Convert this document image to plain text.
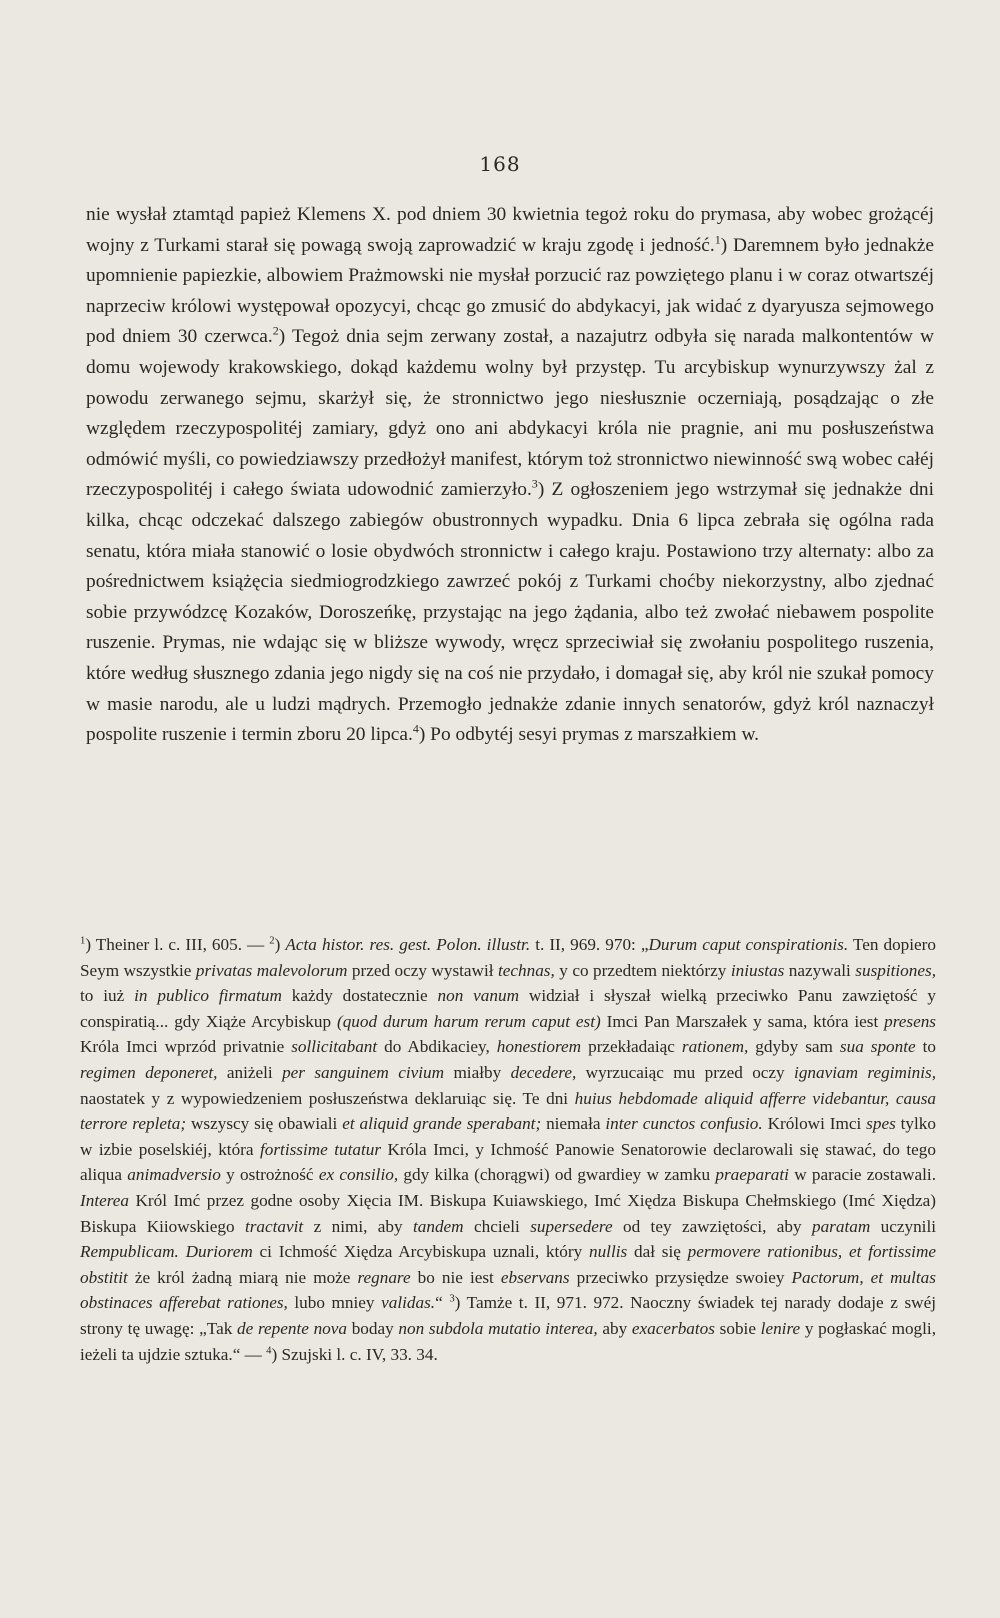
168

nie wysłał ztamtąd papież Klemens X. pod dniem 30 kwietnia tegoż roku do prymasa, aby wobec grożącéj wojny z Turkami starał się powagą swoją zaprowadzić w kraju zgodę i jedność.$^1$) Daremnem było jednakże upomnienie papiezkie, albowiem Prażmowski nie mysłał porzucić raz powziętego planu i w coraz otwartszéj naprzeciw królowi występował opozycyi, chcąc go zmusić do abdykacyi, jak widać z dyaryusza sejmowego pod dniem 30 czerwca.$^2$) Tegoż dnia sejm zerwany został, a nazajutrz odbyła się narada malkontentów w domu wojewody krakowskiego, dokąd każdemu wolny był przystęp. Tu arcybiskup wynurzywszy żal z powodu zerwanego sejmu, skarżył się, że stronnictwo jego niesłusznie oczerniają, posądzając o złe względem rzeczypospolitéj zamiary, gdyż ono ani abdykacyi króla nie pragnie, ani mu posłuszeństwa odmówić myśli, co powiedziawszy przedłożył manifest, którym toż stronnictwo niewinność swą wobec całéj rzeczypospolitéj i całego świata udowodnić zamierzyło.$^3$) Z ogłoszeniem jego wstrzymał się jednakże dni kilka, chcąc odczekać dalszego zabiegów obustronnych wypadku. Dnia 6 lipca zebrała się ogólna rada senatu, która miała stanowić o losie obydwóch stronnictw i całego kraju. Postawiono trzy alternaty: albo za pośrednictwem książęcia siedmiogrodzkiego zawrzeć pokój z Turkami choćby niekorzystny, albo zjednać sobie przywódzcę Kozaków, Doroszeńkę, przystając na jego żądania, albo też zwołać niebawem pospolite ruszenie. Prymas, nie wdając się w bliższe wywody, wręcz sprzeciwiał się zwołaniu pospolitego ruszenia, które według słusznego zdania jego nigdy się na coś nie przydało, i domagał się, aby król nie szukał pomocy w masie narodu, ale u ludzi mądrych. Przemogło jednakże zdanie innych senatorów, gdyż król naznaczył pospolite ruszenie i termin zboru 20 lipca.$^4$) Po odbytéj sesyi prymas z marszałkiem w.

$^1$) Theiner l. c. III, 605. — $^2$) Acta histor. res. gest. Polon. illustr. t. II, 969. 970: „Durum caput conspirationis. Ten dopiero Seym wszystkie privatas malevolorum przed oczy wystawił technas, y co przedtem niektórzy iniustas nazywali suspitiones, to iuż in publico firmatum każdy dostatecznie non vanum widział i słyszał wielką przeciwko Panu zawziętość y conspiratią... gdy Xiąże Arcybiskup (quod durum harum rerum caput est) Imci Pan Marszałek y sama, która iest presens Króla Imci wprzód privatnie sollicitabant do Abdikaciey, honestiorem przekładaiąc rationem, gdyby sam sua sponte to regimen deponeret, aniżeli per sanguinem civium miałby decedere, wyrzucaiąc mu przed oczy ignaviam regiminis, naostatek y z wypowiedzeniem posłuszeństwa deklaruiąc się. Te dni huius hebdomade aliquid afferre videbantur, causa terrore repleta; wszyscy się obawiali et aliquid grande sperabant; niemała inter cunctos confusio. Królowi Imci spes tylko w izbie poselskiéj, która fortissime tutatur Króla Imci, y Ichmość Panowie Senatorowie declarowali się stawać, do tego aliqua animadversio y ostrożność ex consilio, gdy kilka (chorągwi) od gwardiey w zamku praeparati w paracie zostawali. Interea Król Imć przez godne osoby Xięcia IM. Biskupa Kuiawskiego, Imć Xiędza Biskupa Chełmskiego (Imć Xiędza) Biskupa Kiiowskiego tractavit z nimi, aby tandem chcieli supersedere od tey zawziętości, aby paratam uczynili Rempublicam. Duriorem ci Ichmość Xiędza Arcybiskupa uznali, który nullis dał się permovere rationibus, et fortissime obstitit że król żadną miarą nie może regnare bo nie iest ebservans przeciwko przysiędze swoiey Pactorum, et multas obstinaces afferebat rationes, lubo mniey validas.“ $^3$) Tamże t. II, 971. 972. Naoczny świadek tej narady dodaje z swéj strony tę uwagę: „Tak de repente nova boday non subdola mutatio interea, aby exacerbatos sobie lenire y pogłaskać mogli, ieżeli ta ujdzie sztuka.“ — $^4$) Szujski l. c. IV, 33. 34.
